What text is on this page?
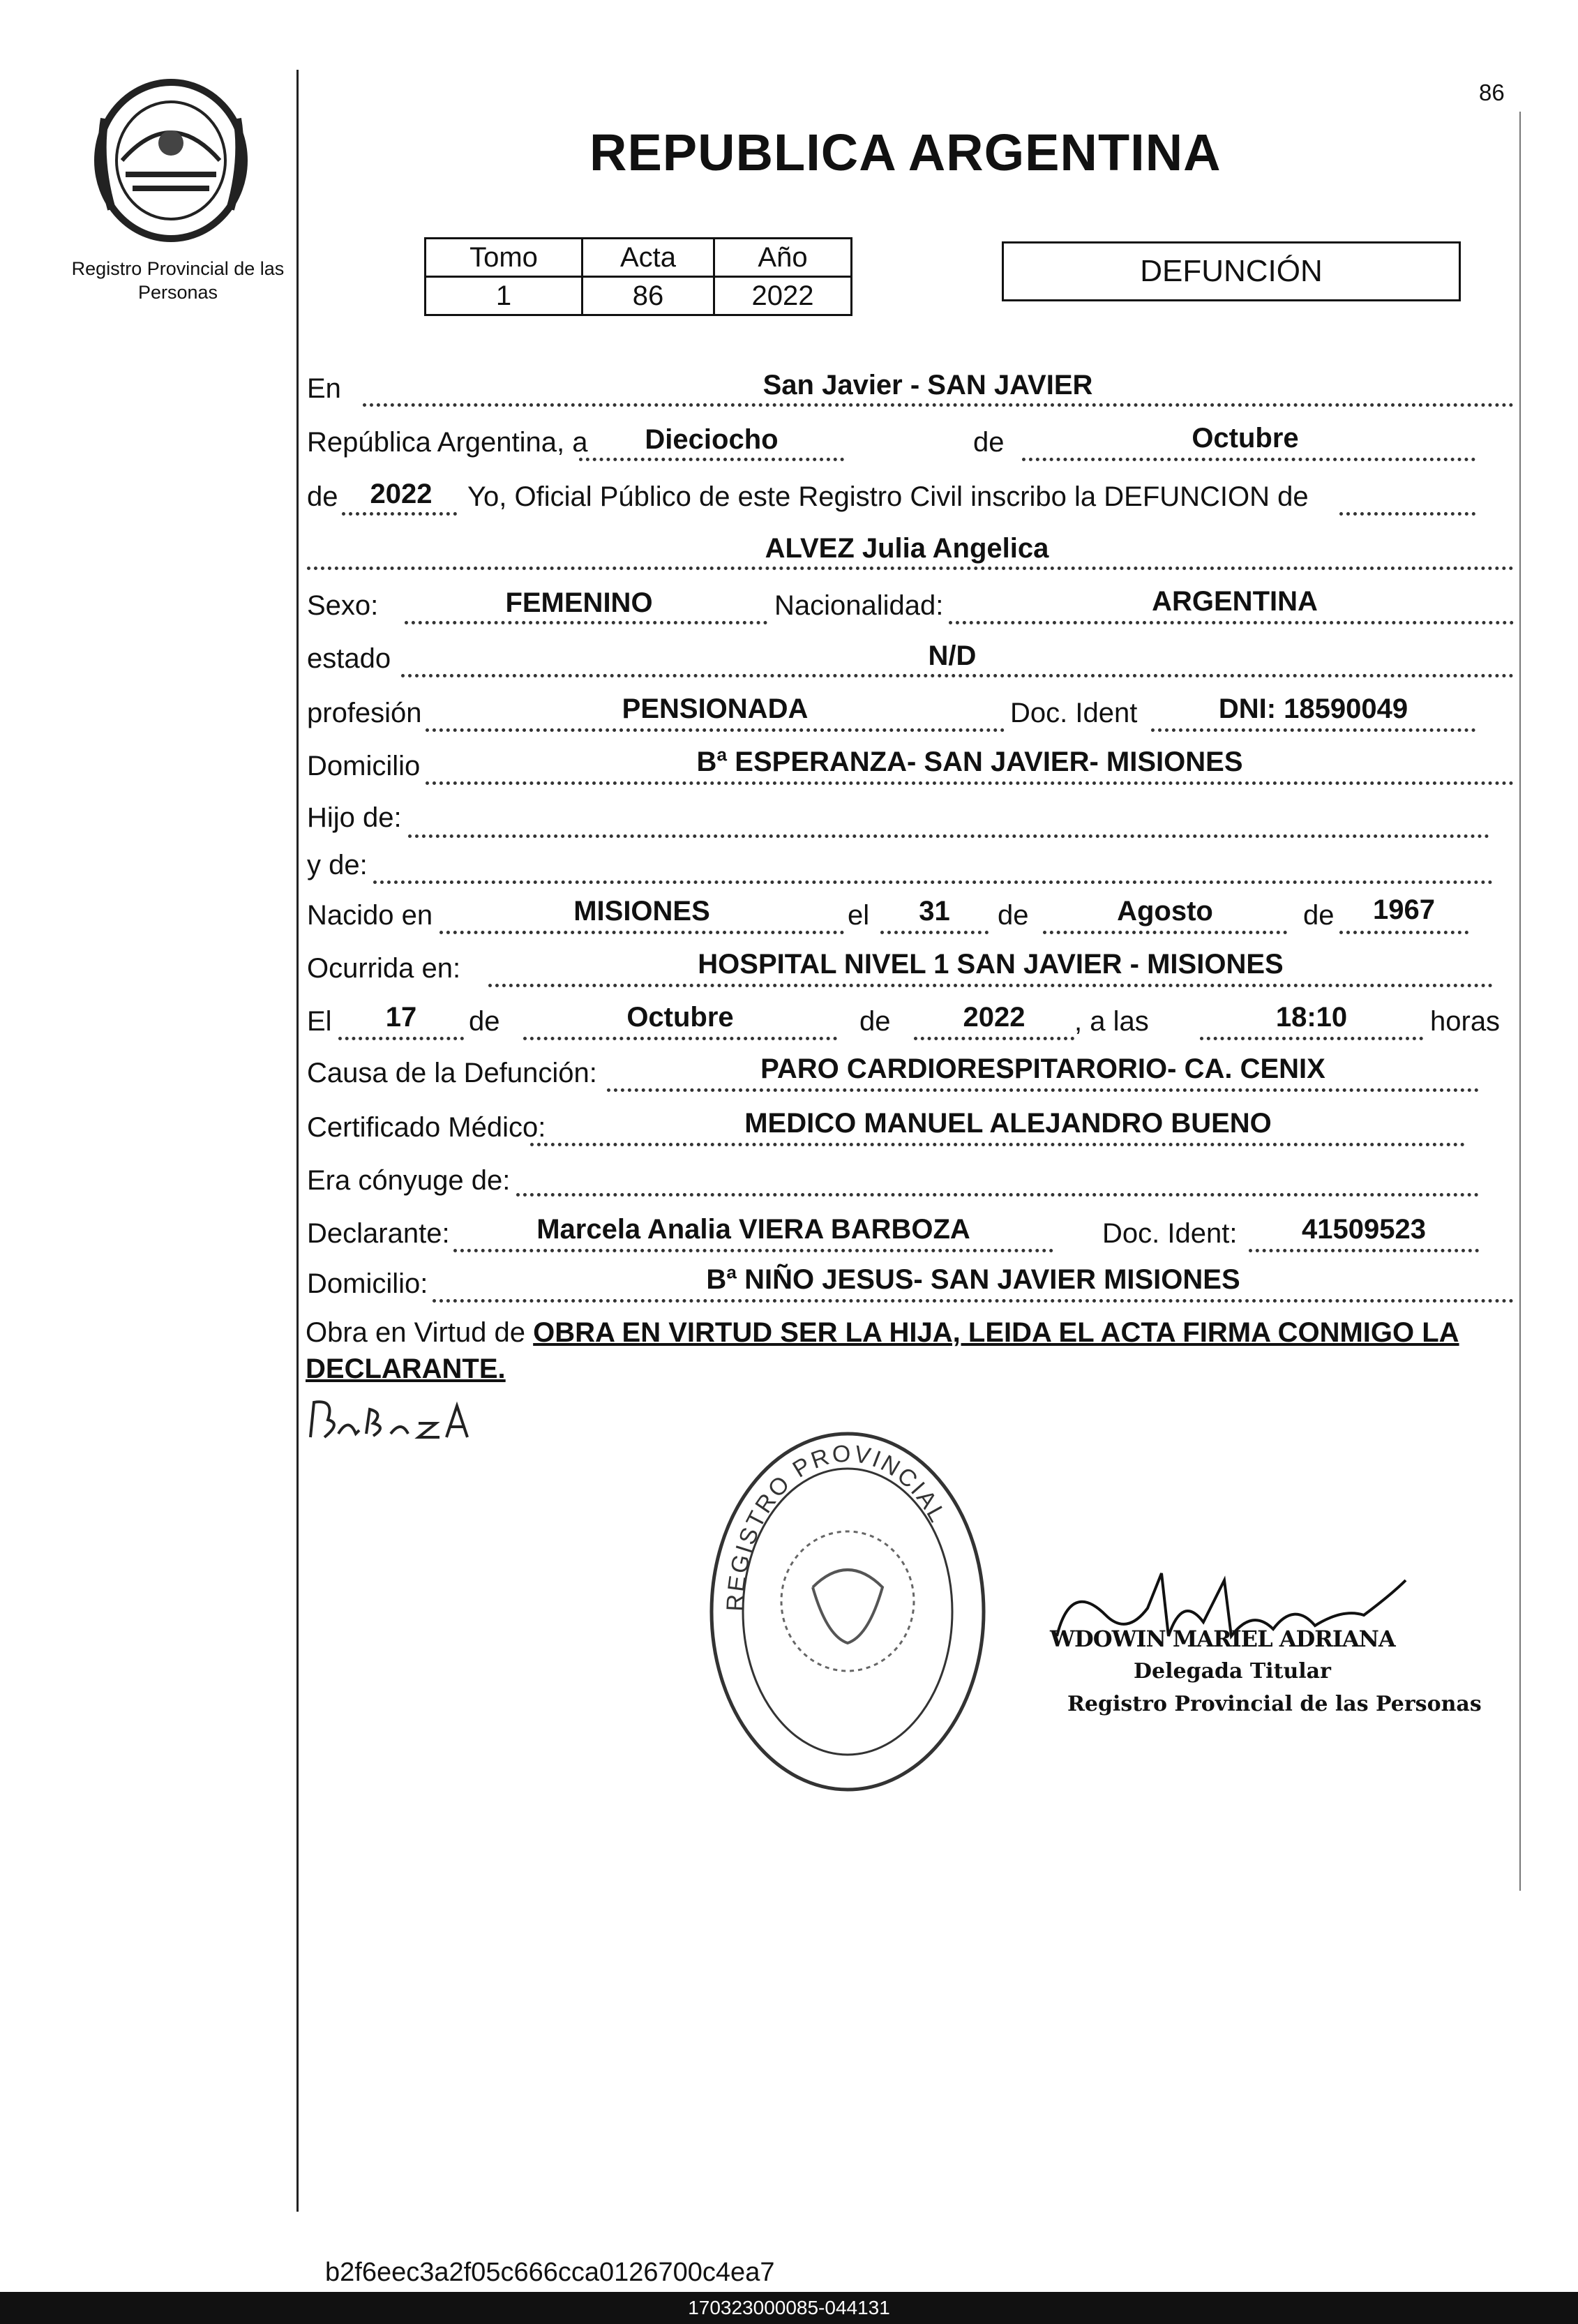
Registro Provincial de las Personas
86
REPUBLICA ARGENTINA
Tomo	Acta	Año
1	86	2022
DEFUNCIÓN
En	San Javier - SAN JAVIER
República Argentina, a	Dieciocho	de	Octubre
de	2022	Yo, Oficial Público de este Registro Civil inscribo la DEFUNCION de
ALVEZ Julia Angelica
Sexo:	FEMENINO	Nacionalidad:	ARGENTINA
estado	N/D
profesión	PENSIONADA	Doc. Ident	DNI: 18590049
Domicilio	Bª ESPERANZA- SAN JAVIER- MISIONES
Hijo de:
y de:
Nacido en	MISIONES	el	31	de	Agosto	de	1967
Ocurrida en:	HOSPITAL NIVEL 1 SAN JAVIER - MISIONES
El	17	de	Octubre	de	2022	, a las	18:10	horas
Causa de la Defunción:	PARO CARDIORESPITARORIO- CA. CENIX
Certificado Médico:	MEDICO MANUEL ALEJANDRO BUENO
Era cónyuge de:
Declarante:	Marcela Analia VIERA BARBOZA	Doc. Ident:	41509523
Domicilio:	Bª NIÑO JESUS- SAN JAVIER MISIONES
Obra en Virtud de OBRA EN VIRTUD SER LA HIJA, LEIDA EL ACTA FIRMA CONMIGO LA DECLARANTE.
REGISTRO PROVINCIAL
WDOWIN MARIEL ADRIANA
Delegada Titular
Registro Provincial de las Personas
b2f6eec3a2f05c666cca0126700c4ea7
170323000085-044131
